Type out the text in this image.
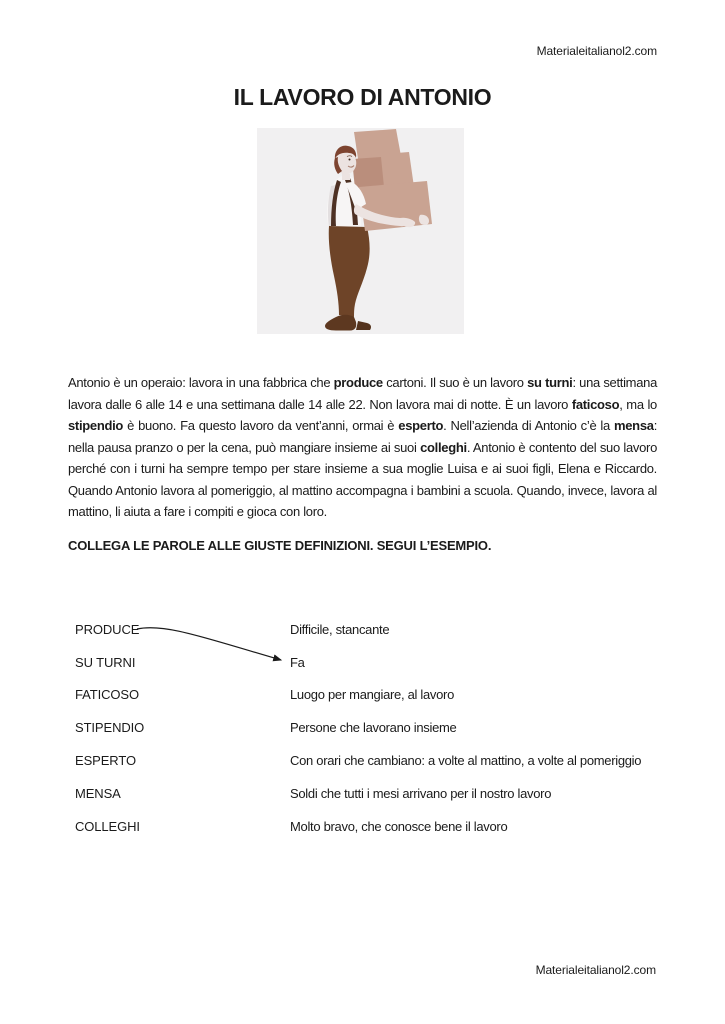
Materialeitalianol2.com
IL LAVORO DI ANTONIO

Antonio è un operaio: lavora in una fabbrica che produce cartoni. Il suo è un lavoro su turni: una settimana lavora dalle 6 alle 14 e una settimana dalle 14 alle 22. Non lavora mai di notte. È un lavoro faticoso, ma lo stipendio è buono. Fa questo lavoro da vent’anni, ormai è esperto. Nell’azienda di Antonio c’è la mensa: nella pausa pranzo o per la cena, può mangiare insieme ai suoi colleghi. Antonio è contento del suo lavoro perché con i turni ha sempre tempo per stare insieme a sua moglie Luisa e ai suoi figli, Elena e Riccardo. Quando Antonio lavora al pomeriggio, al mattino accompagna i bambini a scuola. Quando, invece, lavora al mattino, li aiuta a fare i compiti e gioca con loro.

COLLEGA LE PAROLE ALLE GIUSTE DEFINIZIONI. SEGUI L’ESEMPIO.
PRODUCE	Difficile, stancante
SU TURNI	Fa
FATICOSO	Luogo per mangiare, al lavoro
STIPENDIO	Persone che lavorano insieme
ESPERTO	Con orari che cambiano: a volte al mattino, a volte al pomeriggio
MENSA	Soldi che tutti i mesi arrivano per il nostro lavoro
COLLEGHI	Molto bravo, che conosce bene il lavoro
Materialeitalianol2.com
